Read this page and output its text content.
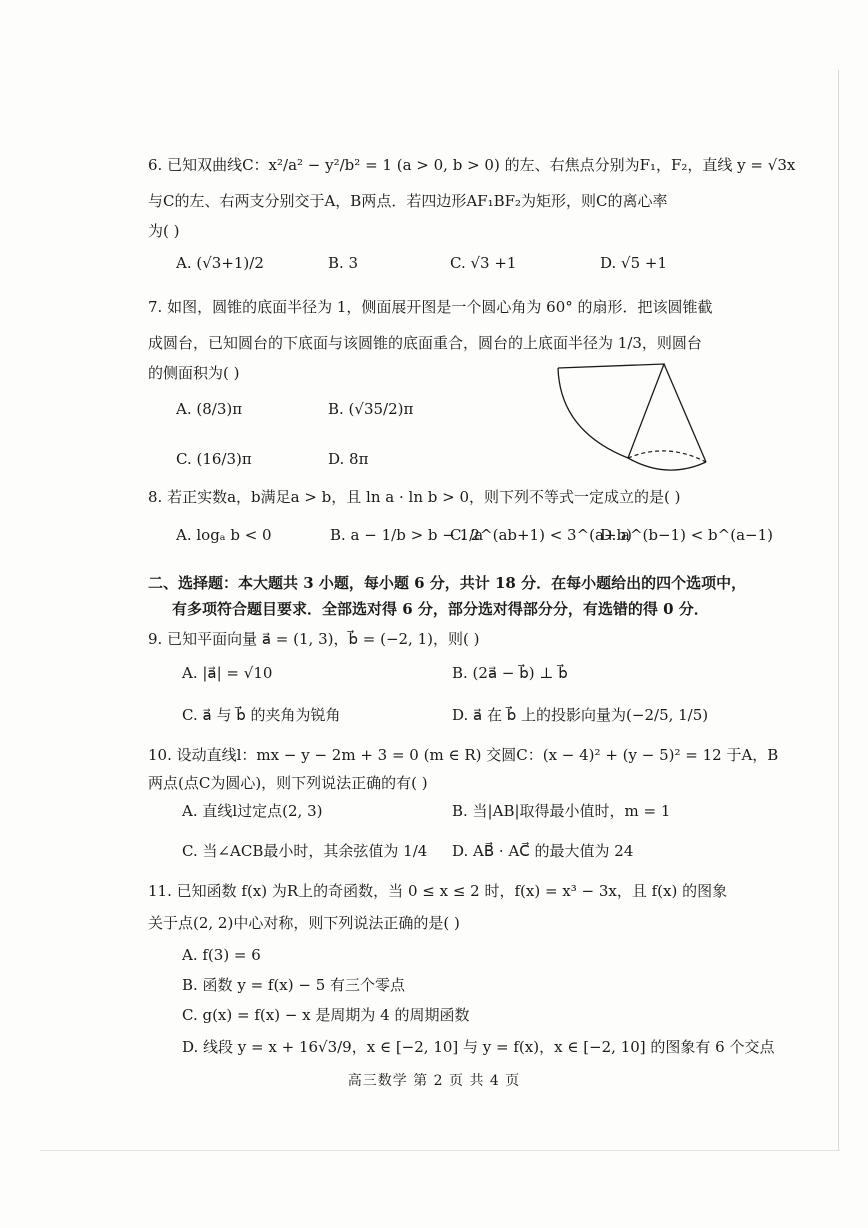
6. 已知双曲线C：x²/a² − y²/b² = 1 (a > 0, b > 0) 的左、右焦点分别为F₁，F₂，直线 y = √3x
与C的左、右两支分别交于A，B两点．若四边形AF₁BF₂为矩形，则C的离心率
为( )
A. (√3+1)/2	B. 3	C. √3 +1	D. √5 +1
7. 如图，圆锥的底面半径为 1，侧面展开图是一个圆心角为 60° 的扇形．把该圆锥截
成圆台，已知圆台的下底面与该圆锥的底面重合，圆台的上底面半径为 1/3，则圆台
的侧面积为( )
A. (8/3)π	B. (√35/2)π
C. (16/3)π	D. 8π
8. 若正实数a，b满足a > b，且 ln a · ln b > 0，则下列不等式一定成立的是( )
A. logₐ b < 0	B. a − 1/b > b − 1/a
C. 2^(ab+1) < 3^(a+b)
D. a^(b−1) < b^(a−1)
二、选择题：本大题共 3 小题，每小题 6 分，共计 18 分．在每小题给出的四个选项中，
有多项符合题目要求．全部选对得 6 分，部分选对得部分分，有选错的得 0 分．
9. 已知平面向量 a⃗ = (1, 3)，b⃗ = (−2, 1)，则( )
A. |a⃗| = √10	B. (2a⃗ − b⃗) ⊥ b⃗
C. a⃗ 与 b⃗ 的夹角为锐角	D. a⃗ 在 b⃗ 上的投影向量为(−2/5, 1/5)
10. 设动直线l：mx − y − 2m + 3 = 0 (m ∈ R) 交圆C：(x − 4)² + (y − 5)² = 12 于A，B
两点(点C为圆心)，则下列说法正确的有( )
A. 直线l过定点(2, 3)	B. 当|AB|取得最小值时，m = 1
C. 当∠ACB最小时，其余弦值为 1/4 D. AB⃗ · AC⃗ 的最大值为 24
11. 已知函数 f(x) 为R上的奇函数，当 0 ≤ x ≤ 2 时，f(x) = x³ − 3x，且 f(x) 的图象
关于点(2, 2)中心对称，则下列说法正确的是( )
A. f(3) = 6
B. 函数 y = f(x) − 5 有三个零点
C. g(x) = f(x) − x 是周期为 4 的周期函数
D. 线段 y = x + 16√3/9，x ∈ [−2, 10] 与 y = f(x)，x ∈ [−2, 10] 的图象有 6 个交点
高三数学 第 2 页 共 4 页
